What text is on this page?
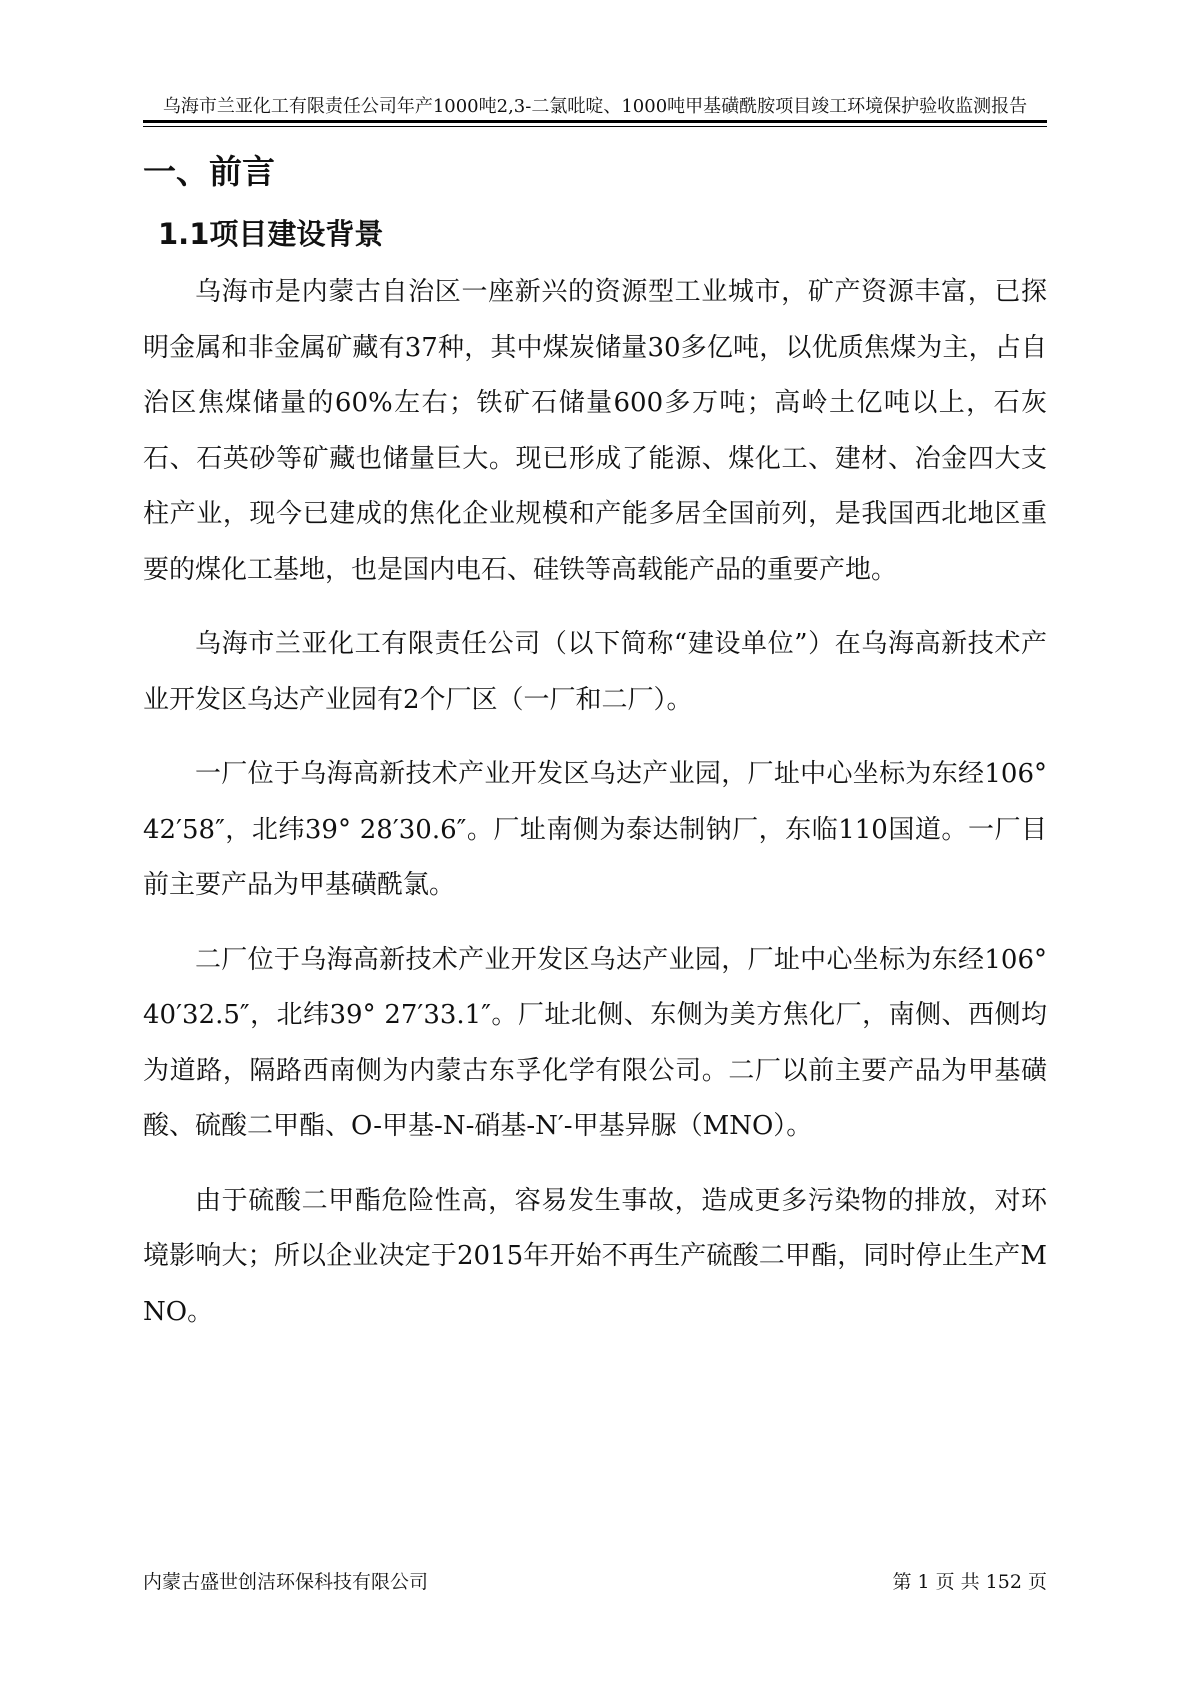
乌海市兰亚化工有限责任公司年产1000吨2,3-二氯吡啶、1000吨甲基磺酰胺项目竣工环境保护验收监测报告
一、前言
1.1项目建设背景

乌海市是内蒙古自治区一座新兴的资源型工业城市，矿产资源丰富，已探明金属和非金属矿藏有37种，其中煤炭储量30多亿吨，以优质焦煤为主，占自治区焦煤储量的60%左右；铁矿石储量600多万吨；高岭土亿吨以上，石灰石、石英砂等矿藏也储量巨大。现已形成了能源、煤化工、建材、冶金四大支柱产业，现今已建成的焦化企业规模和产能多居全国前列，是我国西北地区重要的煤化工基地，也是国内电石、硅铁等高载能产品的重要产地。

乌海市兰亚化工有限责任公司（以下简称“建设单位”）在乌海高新技术产业开发区乌达产业园有2个厂区（一厂和二厂）。

一厂位于乌海高新技术产业开发区乌达产业园，厂址中心坐标为东经106° 42′58″，北纬39° 28′30.6″。厂址南侧为泰达制钠厂，东临110国道。一厂目前主要产品为甲基磺酰氯。

二厂位于乌海高新技术产业开发区乌达产业园，厂址中心坐标为东经106° 40′32.5″，北纬39° 27′33.1″。厂址北侧、东侧为美方焦化厂，南侧、西侧均为道路，隔路西南侧为内蒙古东孚化学有限公司。二厂以前主要产品为甲基磺酸、硫酸二甲酯、O-甲基-N-硝基-N′-甲基异脲（MNO）。

由于硫酸二甲酯危险性高，容易发生事故，造成更多污染物的排放，对环境影响大；所以企业决定于2015年开始不再生产硫酸二甲酯，同时停止生产MNO。

内蒙古盛世创洁环保科技有限公司	第 1 页 共 152 页
